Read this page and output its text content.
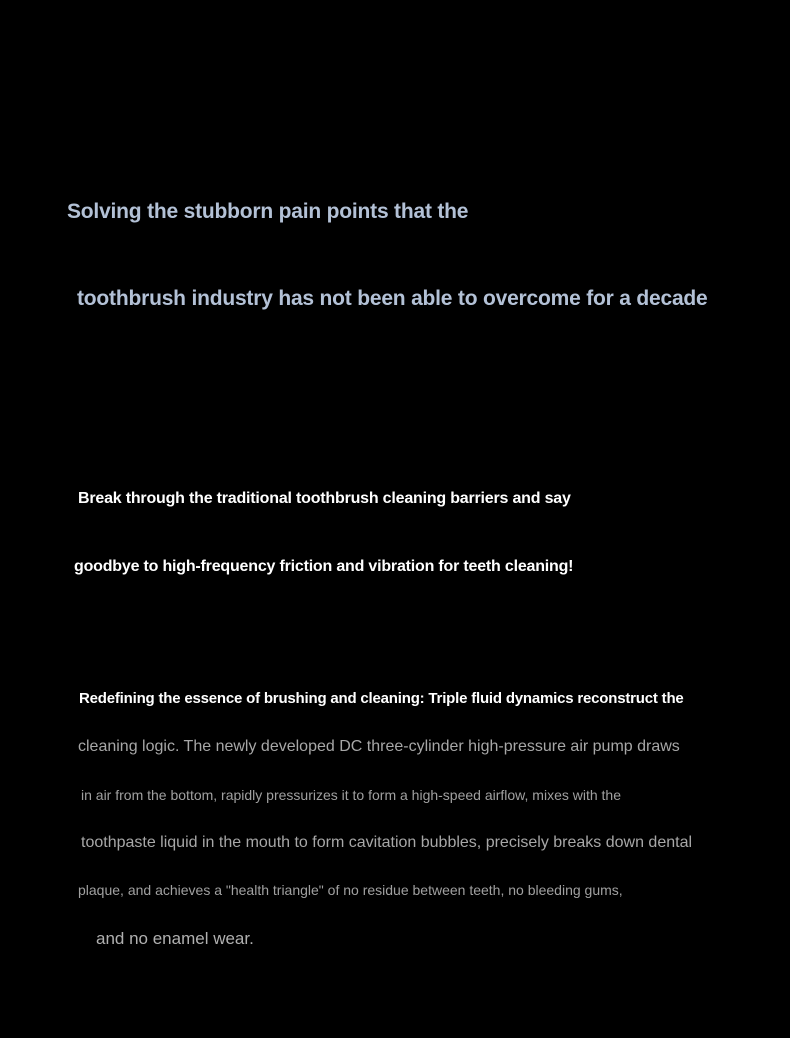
Solving the stubborn pain points that the
toothbrush industry has not been able to overcome for a decade

Break through the traditional toothbrush cleaning barriers and say

goodbye to high-frequency friction and vibration for teeth cleaning!

Redefining the essence of brushing and cleaning: Triple fluid dynamics reconstruct the

cleaning logic. The newly developed DC three-cylinder high-pressure air pump draws

in air from the bottom, rapidly pressurizes it to form a high-speed airflow, mixes with the

toothpaste liquid in the mouth to form cavitation bubbles, precisely breaks down dental

plaque, and achieves a "health triangle" of no residue between teeth, no bleeding gums,

and no enamel wear.
